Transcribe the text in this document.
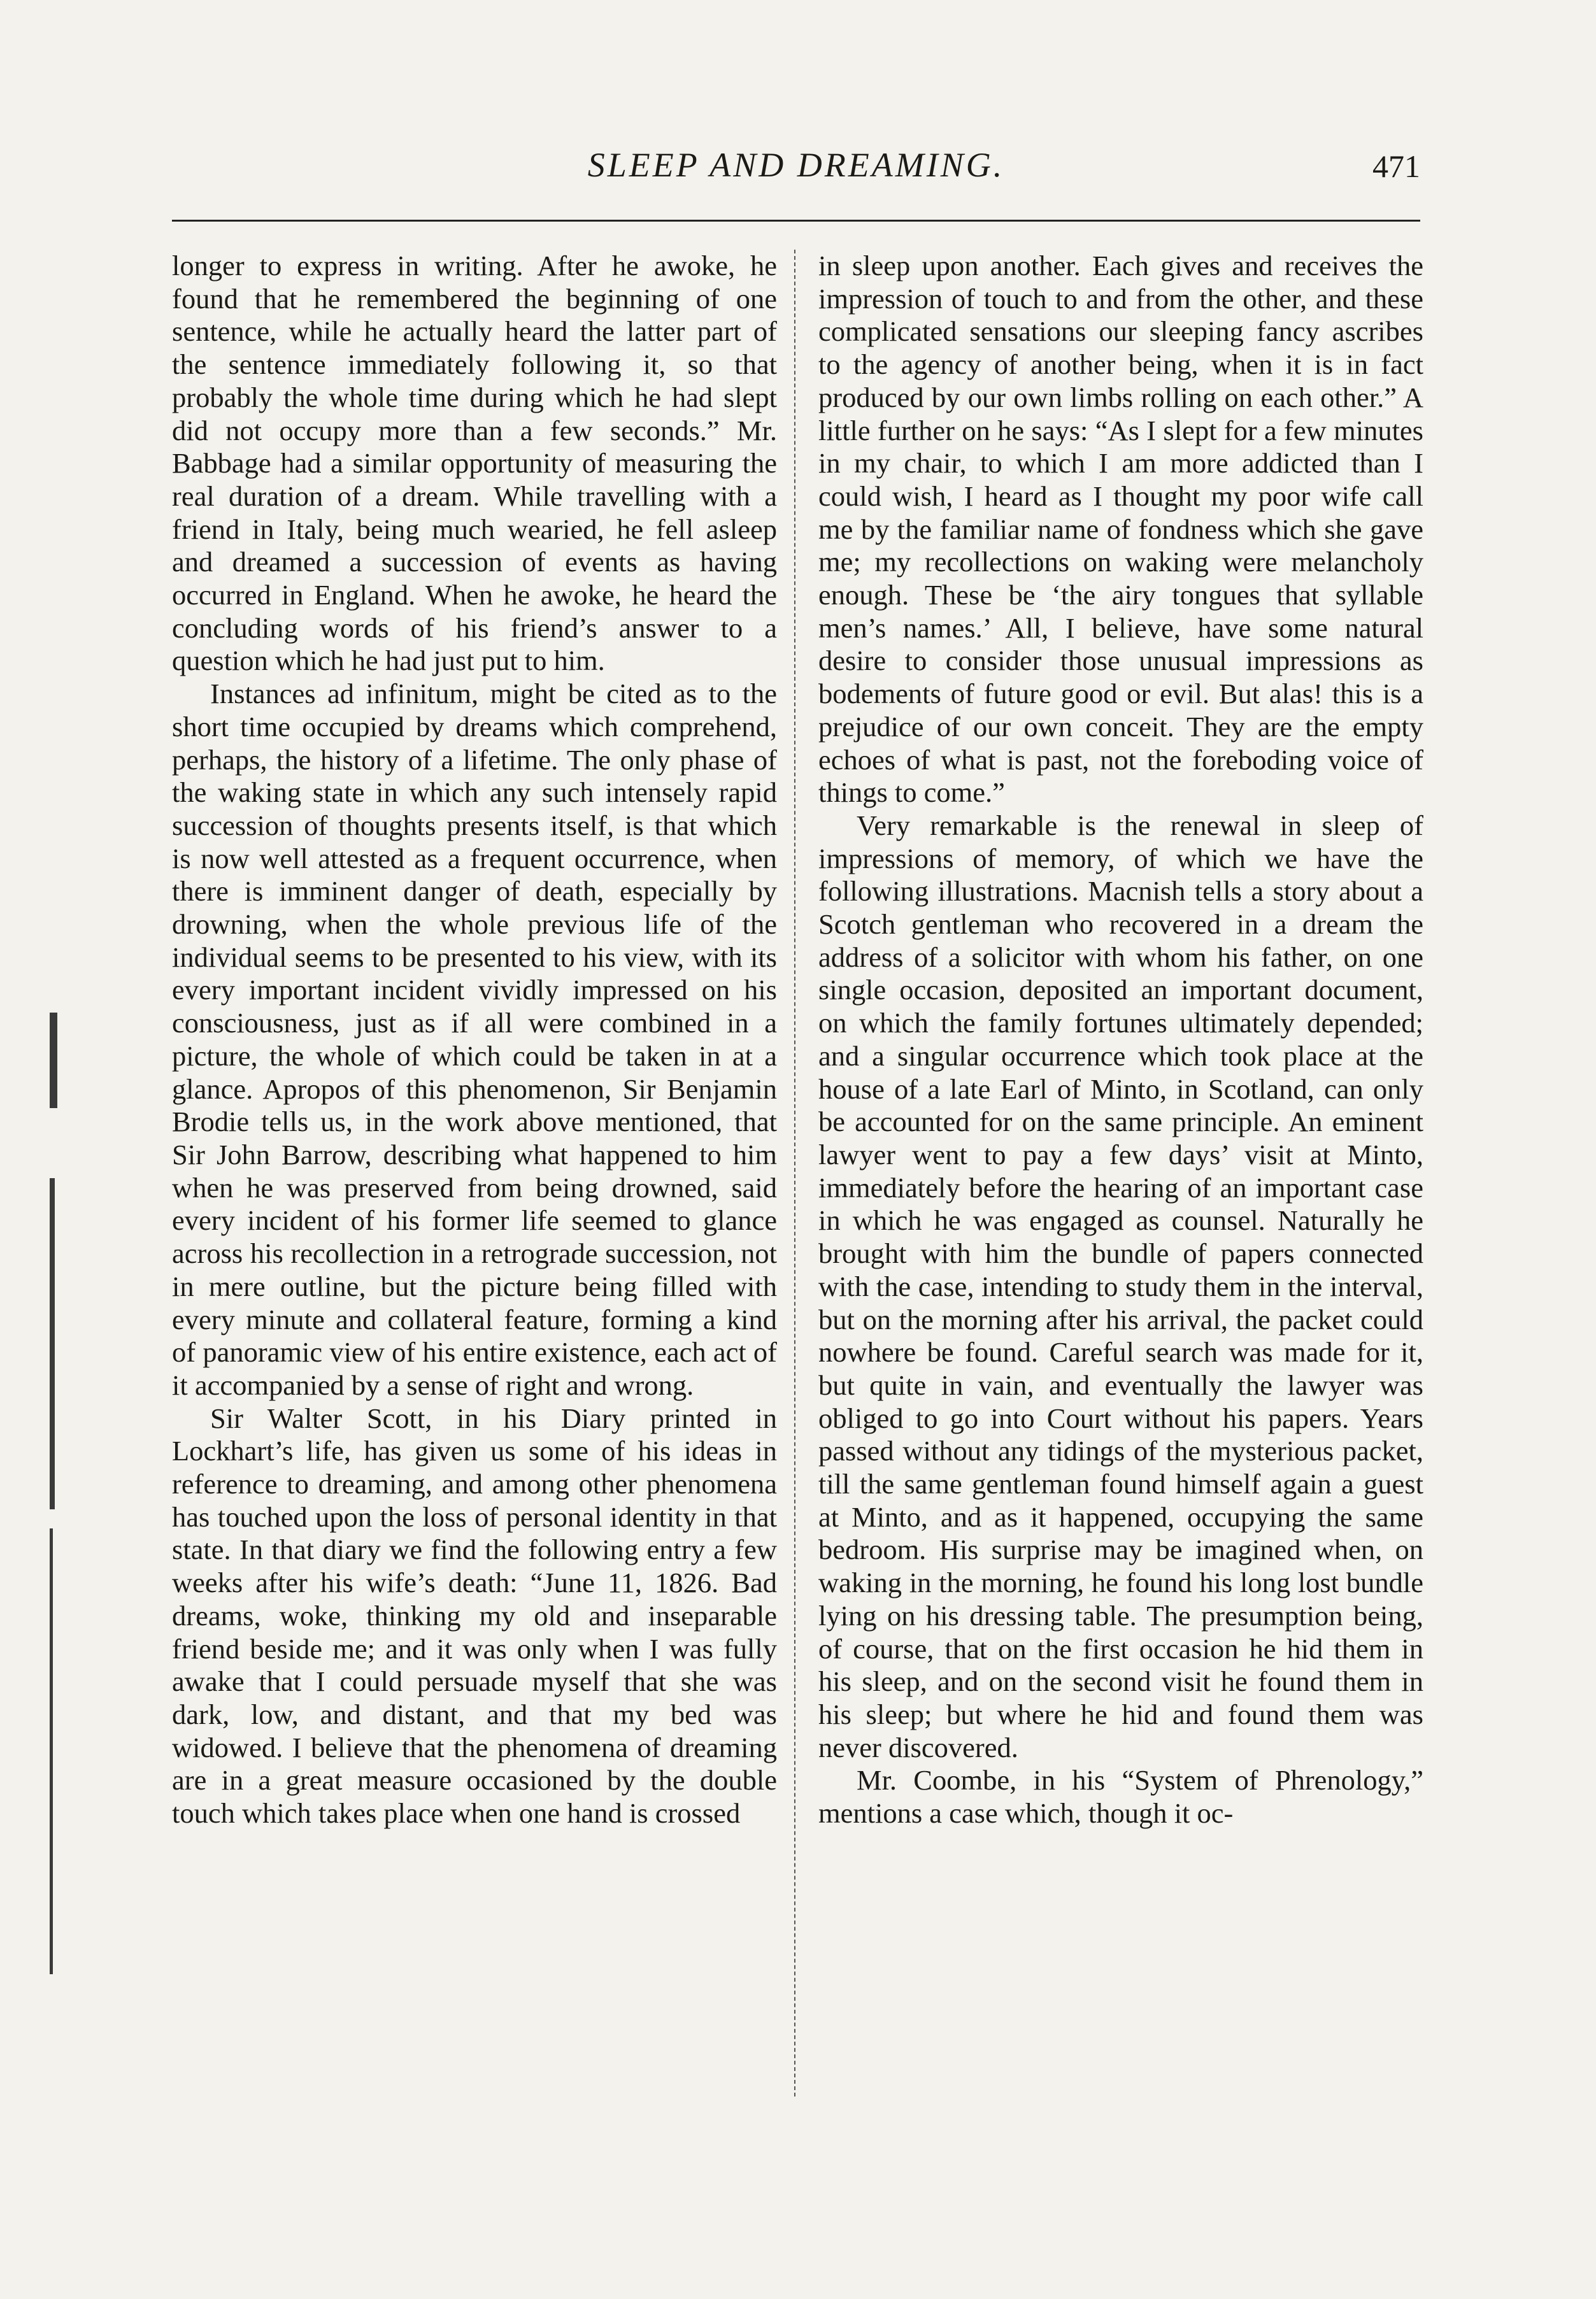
SLEEP AND DREAMING.	471

longer to express in writing. After he awoke, he found that he remembered the beginning of one sentence, while he actually heard the latter part of the sentence immediately following it, so that probably the whole time during which he had slept did not occupy more than a few seconds.” Mr. Babbage had a similar opportunity of measuring the real duration of a dream. While travelling with a friend in Italy, being much wearied, he fell asleep and dreamed a succession of events as having occurred in England. When he awoke, he heard the concluding words of his friend’s answer to a question which he had just put to him.

Instances ad infinitum, might be cited as to the short time occupied by dreams which comprehend, perhaps, the history of a lifetime. The only phase of the waking state in which any such intensely rapid succession of thoughts presents itself, is that which is now well attested as a frequent occurrence, when there is imminent danger of death, especially by drowning, when the whole previous life of the individual seems to be presented to his view, with its every important incident vividly impressed on his consciousness, just as if all were combined in a picture, the whole of which could be taken in at a glance. Apropos of this phenomenon, Sir Benjamin Brodie tells us, in the work above mentioned, that Sir John Barrow, describing what happened to him when he was preserved from being drowned, said every incident of his former life seemed to glance across his recollection in a retrograde succession, not in mere outline, but the picture being filled with every minute and collateral feature, forming a kind of panoramic view of his entire existence, each act of it accompanied by a sense of right and wrong.

Sir Walter Scott, in his Diary printed in Lockhart’s life, has given us some of his ideas in reference to dreaming, and among other phenomena has touched upon the loss of personal identity in that state. In that diary we find the following entry a few weeks after his wife’s death: “June 11, 1826. Bad dreams, woke, thinking my old and inseparable friend beside me; and it was only when I was fully awake that I could persuade myself that she was dark, low, and distant, and that my bed was widowed. I believe that the phenomena of dreaming are in a great measure occasioned by the double touch which takes place when one hand is crossed

in sleep upon another. Each gives and receives the impression of touch to and from the other, and these complicated sensations our sleeping fancy ascribes to the agency of another being, when it is in fact produced by our own limbs rolling on each other.” A little further on he says: “As I slept for a few minutes in my chair, to which I am more addicted than I could wish, I heard as I thought my poor wife call me by the familiar name of fondness which she gave me; my recollections on waking were melancholy enough. These be ‘the airy tongues that syllable men’s names.’ All, I believe, have some natural desire to consider those unusual impressions as bodements of future good or evil. But alas! this is a prejudice of our own conceit. They are the empty echoes of what is past, not the foreboding voice of things to come.”

Very remarkable is the renewal in sleep of impressions of memory, of which we have the following illustrations. Macnish tells a story about a Scotch gentleman who recovered in a dream the address of a solicitor with whom his father, on one single occasion, deposited an important document, on which the family fortunes ultimately depended; and a singular occurrence which took place at the house of a late Earl of Minto, in Scotland, can only be accounted for on the same principle. An eminent lawyer went to pay a few days’ visit at Minto, immediately before the hearing of an important case in which he was engaged as counsel. Naturally he brought with him the bundle of papers connected with the case, intending to study them in the interval, but on the morning after his arrival, the packet could nowhere be found. Careful search was made for it, but quite in vain, and eventually the lawyer was obliged to go into Court without his papers. Years passed without any tidings of the mysterious packet, till the same gentleman found himself again a guest at Minto, and as it happened, occupying the same bedroom. His surprise may be imagined when, on waking in the morning, he found his long lost bundle lying on his dressing table. The presumption being, of course, that on the first occasion he hid them in his sleep, and on the second visit he found them in his sleep; but where he hid and found them was never discovered.

Mr. Coombe, in his “System of Phrenology,” mentions a case which, though it oc-
